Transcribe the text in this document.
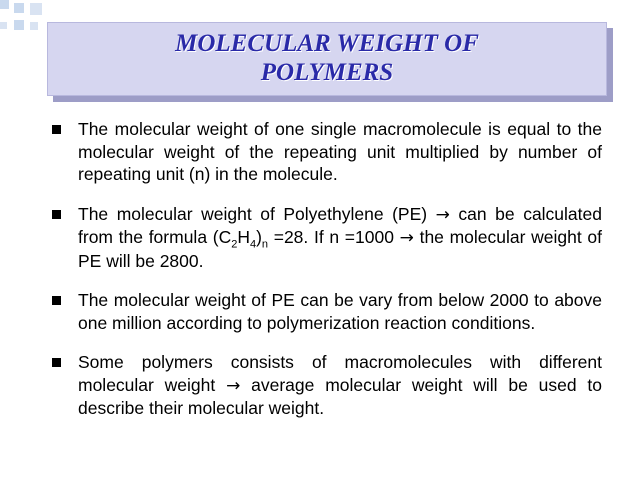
MOLECULAR WEIGHT OF
POLYMERS
The molecular weight of one single macromolecule is equal to the molecular weight of the repeating unit multiplied by number of repeating unit (n) in the molecule.
The molecular weight of Polyethylene (PE) → can be calculated from the formula $(C_2H_4)_n =28$. If n =1000 → the molecular weight of PE will be 2800.
The molecular weight of PE can be vary from below 2000 to above one million according to polymerization reaction conditions.
Some polymers consists of macromolecules with different molecular weight → average molecular weight will be used to describe their molecular weight.
